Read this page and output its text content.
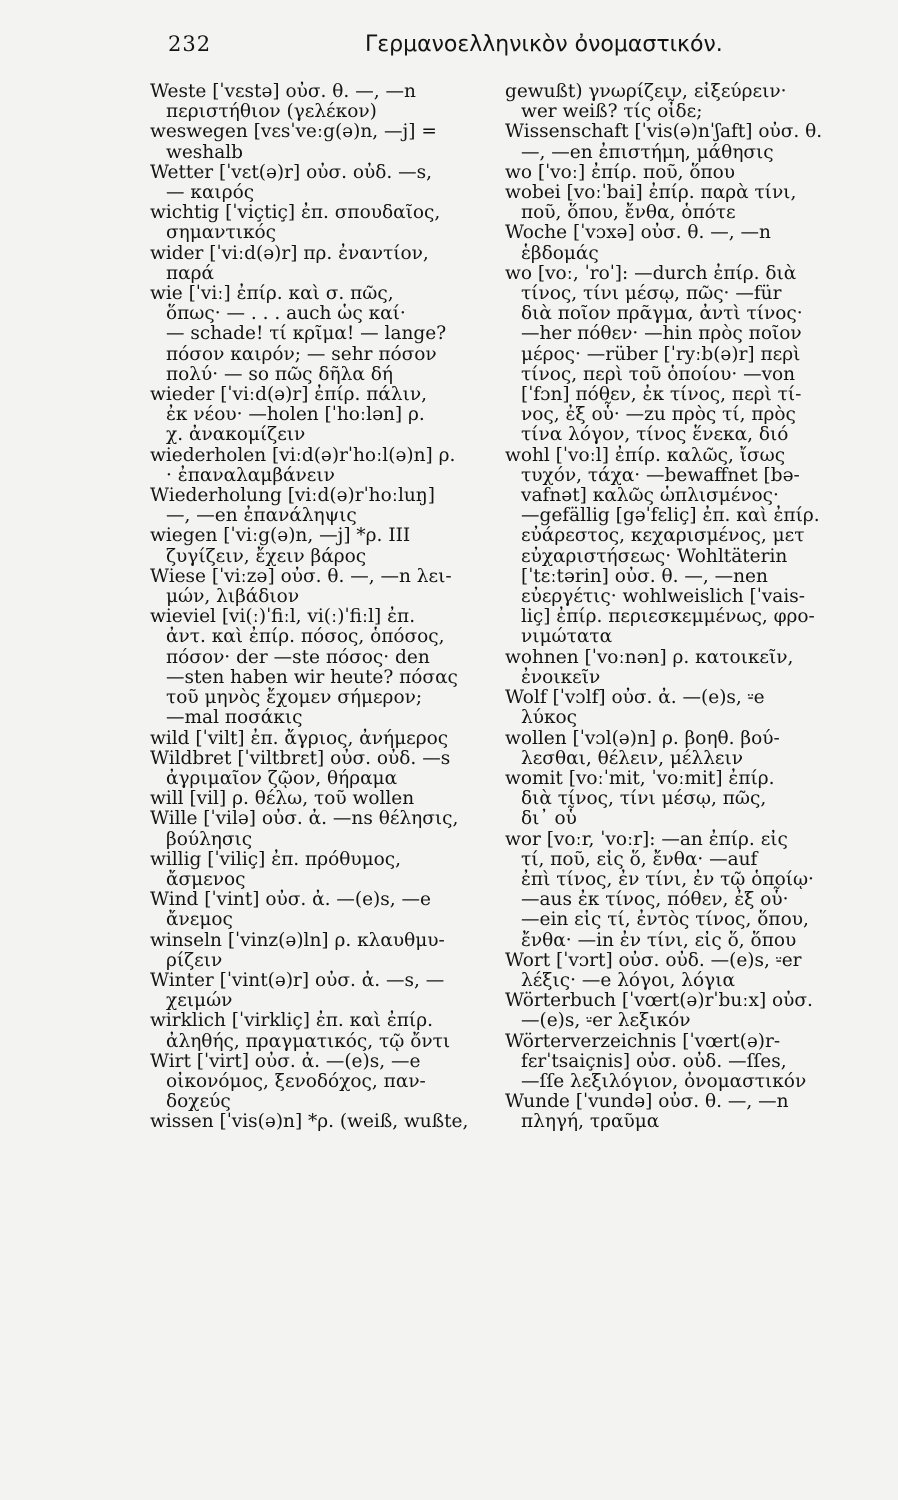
232	Γερμανοελληνικὸν ὀνομαστικόν.

Weste [ˈvɛstə] οὐσ. θ. —, —n
περιστήθιον (γελέκον)

weswegen [vɛsˈveːg(ə)n, —j] =
weshalb

Wetter [ˈvɛt(ə)r] οὐσ. οὐδ. —s,
— καιρός

wichtig [ˈviçtiç] ἐπ. σπουδαῖος,
σημαντικός

wider [ˈviːd(ə)r] πρ. ἐναντίον,
παρά

wie [ˈviː] ἐπίρ. καὶ σ. πῶς,
ὅπως· — . . . auch ὡς καί·
— schade! τί κρῖμα! — lange?
πόσον καιρόν; — sehr πόσον
πολύ· — so πῶς δῆλα δή

wieder [ˈviːd(ə)r] ἐπίρ. πάλιν,
ἐκ νέου· —holen [ˈhoːlən] ρ.
χ. ἀνακομίζειν

wiederholen [viːd(ə)rˈhoːl(ə)n] ρ.
· ἐπαναλαμβάνειν

Wiederholung [viːd(ə)rˈhoːluŋ]
—, —en ἐπανάληψις

wiegen [ˈviːg(ə)n, —j] *ρ. III
ζυγίζειν, ἔχειν βάρος

Wiese [ˈviːzə] οὐσ. θ. —, —n λει-
μών, λιβάδιον

wieviel [vi(ː)ˈfiːl, vi(ː)ˈfiːl] ἐπ.
ἀντ. καὶ ἐπίρ. πόσος, ὁπόσος,
πόσον· der —ste πόσος· den
—sten haben wir heute? πόσας
τοῦ μηνὸς ἔχομεν σήμερον;
—mal ποσάκις

wild [ˈvilt] ἐπ. ἄγριος, ἀνήμερος

Wildbret [ˈviltbrɛt] οὐσ. οὐδ. —s
ἀγριμαῖον ζῷον, θήραμα

will [vil] ρ. θέλω, τοῦ wollen

Wille [ˈvilə] οὐσ. ἀ. —ns θέλησις,
βούλησις

willig [ˈviliç] ἐπ. πρόθυμος,
ἄσμενος

Wind [ˈvint] οὐσ. ἀ. —(e)s, —e
ἄνεμος

winseln [ˈvinz(ə)ln] ρ. κλαυθμυ-
ρίζειν

Winter [ˈvint(ə)r] οὐσ. ἀ. —s, —
χειμών

wirklich [ˈvirkliç] ἐπ. καὶ ἐπίρ.
ἀληθής, πραγματικός, τῷ ὄντι

Wirt [ˈvirt] οὐσ. ἀ. —(e)s, —e
οἰκονόμος, ξενοδόχος, παν-
δοχεύς

wissen [ˈvis(ə)n] *ρ. (weiß, wußte,

gewußt) γνωρίζειν, εἰξεύρειν·
wer weiß? τίς οἶδε;

Wissenschaft [ˈvis(ə)nˈʃaft] οὐσ. θ.
—, —en ἐπιστήμη, μάθησις

wo [ˈvoː] ἐπίρ. ποῦ, ὅπου

wobei [voːˈbai] ἐπίρ. παρὰ τίνι,
ποῦ, ὅπου, ἔνθα, ὁπότε

Woche [ˈvɔxə] οὐσ. θ. —, —n
ἑβδομάς

wo [voː, ˈroˈ]: —durch ἐπίρ. διὰ
τίνος, τίνι μέσῳ, πῶς· —für
διὰ ποῖον πρᾶγμα, ἀντὶ τίνος·
—her πόθεν· —hin πρὸς ποῖον
μέρος· —rüber [ˈryːb(ə)r] περὶ
τίνος, περὶ τοῦ ὁποίου· —von
[ˈfɔn] πόθεν, ἐκ τίνος, περὶ τί-
νος, ἐξ οὗ· —zu πρὸς τί, πρὸς
τίνα λόγον, τίνος ἕνεκα, διό

wohl [ˈvoːl] ἐπίρ. καλῶς, ἴσως
τυχόν, τάχα· —bewaffnet [bə-
vafnət] καλῶς ὡπλισμένος·
—gefällig [gəˈfɛliç] ἐπ. καὶ ἐπίρ.
εὐάρεστος, κεχαρισμένος, μετ
εὐχαριστήσεως· Wohltäterin
[ˈtɛːtərin] οὐσ. θ. —, —nen
εὐεργέτις· wohlweislich [ˈvais-
liç] ἐπίρ. περιεσκεμμένως, φρο-
νιμώτατα

wohnen [ˈvoːnən] ρ. κατοικεῖν,
ἐνοικεῖν

Wolf [ˈvɔlf] οὐσ. ἀ. —(e)s, ⸚e
λύκος

wollen [ˈvɔl(ə)n] ρ. βοηθ. βού-
λεσθαι, θέλειν, μέλλειν

womit [voːˈmit, ˈvoːmit] ἐπίρ.
διὰ τίνος, τίνι μέσῳ, πῶς,
δι᾽ οὗ

wor [voːr, ˈvoːr]: —an ἐπίρ. εἰς
τί, ποῦ, εἰς ὅ, ἔνθα· —auf
ἐπὶ τίνος, ἐν τίνι, ἐν τῷ ὁποίῳ·
—aus ἐκ τίνος, πόθεν, ἐξ οὗ·
—ein εἰς τί, ἐντὸς τίνος, ὅπου,
ἔνθα· —in ἐν τίνι, εἰς ὅ, ὅπου

Wort [ˈvɔrt] οὐσ. οὐδ. —(e)s, ⸚er
λέξις· —e λόγοι, λόγια

Wörterbuch [ˈvœrt(ə)rˈbuːx] οὐσ.
—(e)s, ⸚er λεξικόν

Wörterverzeichnis [ˈvœrt(ə)r-
fɛrˈtsaiçnis] οὐσ. οὐδ. —ſſes,
—ſſe λεξιλόγιον, ὀνομαστικόν

Wunde [ˈvundə] οὐσ. θ. —, —n
πληγή, τραῦμα
